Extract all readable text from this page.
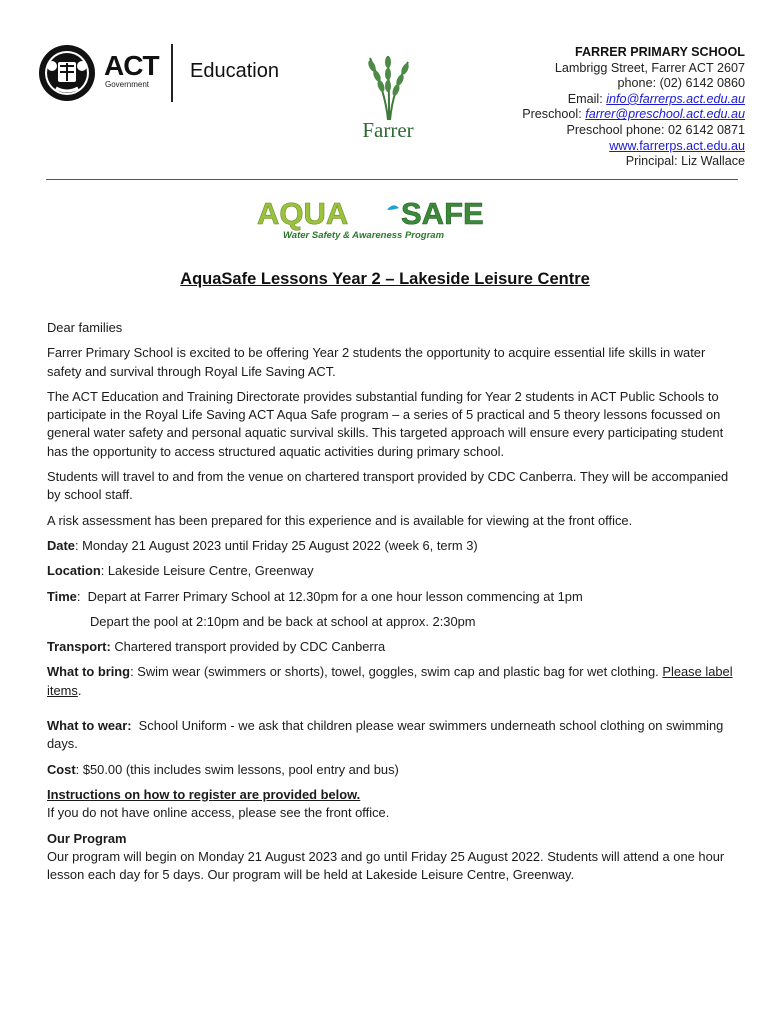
ACT
Government
Education
Farrer
FARRER PRIMARY SCHOOL
Lambrigg Street, Farrer ACT 2607
phone: (02) 6142 0860
Email: info@farrerps.act.edu.au
Preschool: farrer@preschool.act.edu.au
Preschool phone: 02 6142 0871
www.farrerps.act.edu.au
Principal: Liz Wallace
AQUA SAFE
Water Safety & Awareness Program
AquaSafe Lessons Year 2 – Lakeside Leisure Centre

Dear families

Farrer Primary School is excited to be offering Year 2 students the opportunity to acquire essential life skills in water safety and survival through Royal Life Saving ACT.

The ACT Education and Training Directorate provides substantial funding for Year 2 students in ACT Public Schools to participate in the Royal Life Saving ACT Aqua Safe program – a series of 5 practical and 5 theory lessons focussed on general water safety and personal aquatic survival skills. This targeted approach will ensure every participating student has the opportunity to access structured aquatic activities during primary school.

Students will travel to and from the venue on chartered transport provided by CDC Canberra. They will be accompanied by school staff.

A risk assessment has been prepared for this experience and is available for viewing at the front office.

Date: Monday 21 August 2023 until Friday 25 August 2022 (week 6, term 3)

Location: Lakeside Leisure Centre, Greenway

Time:  Depart at Farrer Primary School at 12.30pm for a one hour lesson commencing at 1pm

Depart the pool at 2:10pm and be back at school at approx. 2:30pm

Transport: Chartered transport provided by CDC Canberra

What to bring: Swim wear (swimmers or shorts), towel, goggles, swim cap and plastic bag for wet clothing. Please label items.

What to wear:  School Uniform - we ask that children please wear swimmers underneath school clothing on swimming days.

Cost: $50.00 (this includes swim lessons, pool entry and bus)

Instructions on how to register are provided below.

If you do not have online access, please see the front office.

Our Program

Our program will begin on Monday 21 August 2023 and go until Friday 25 August 2022. Students will attend a one hour lesson each day for 5 days. Our program will be held at Lakeside Leisure Centre, Greenway.
